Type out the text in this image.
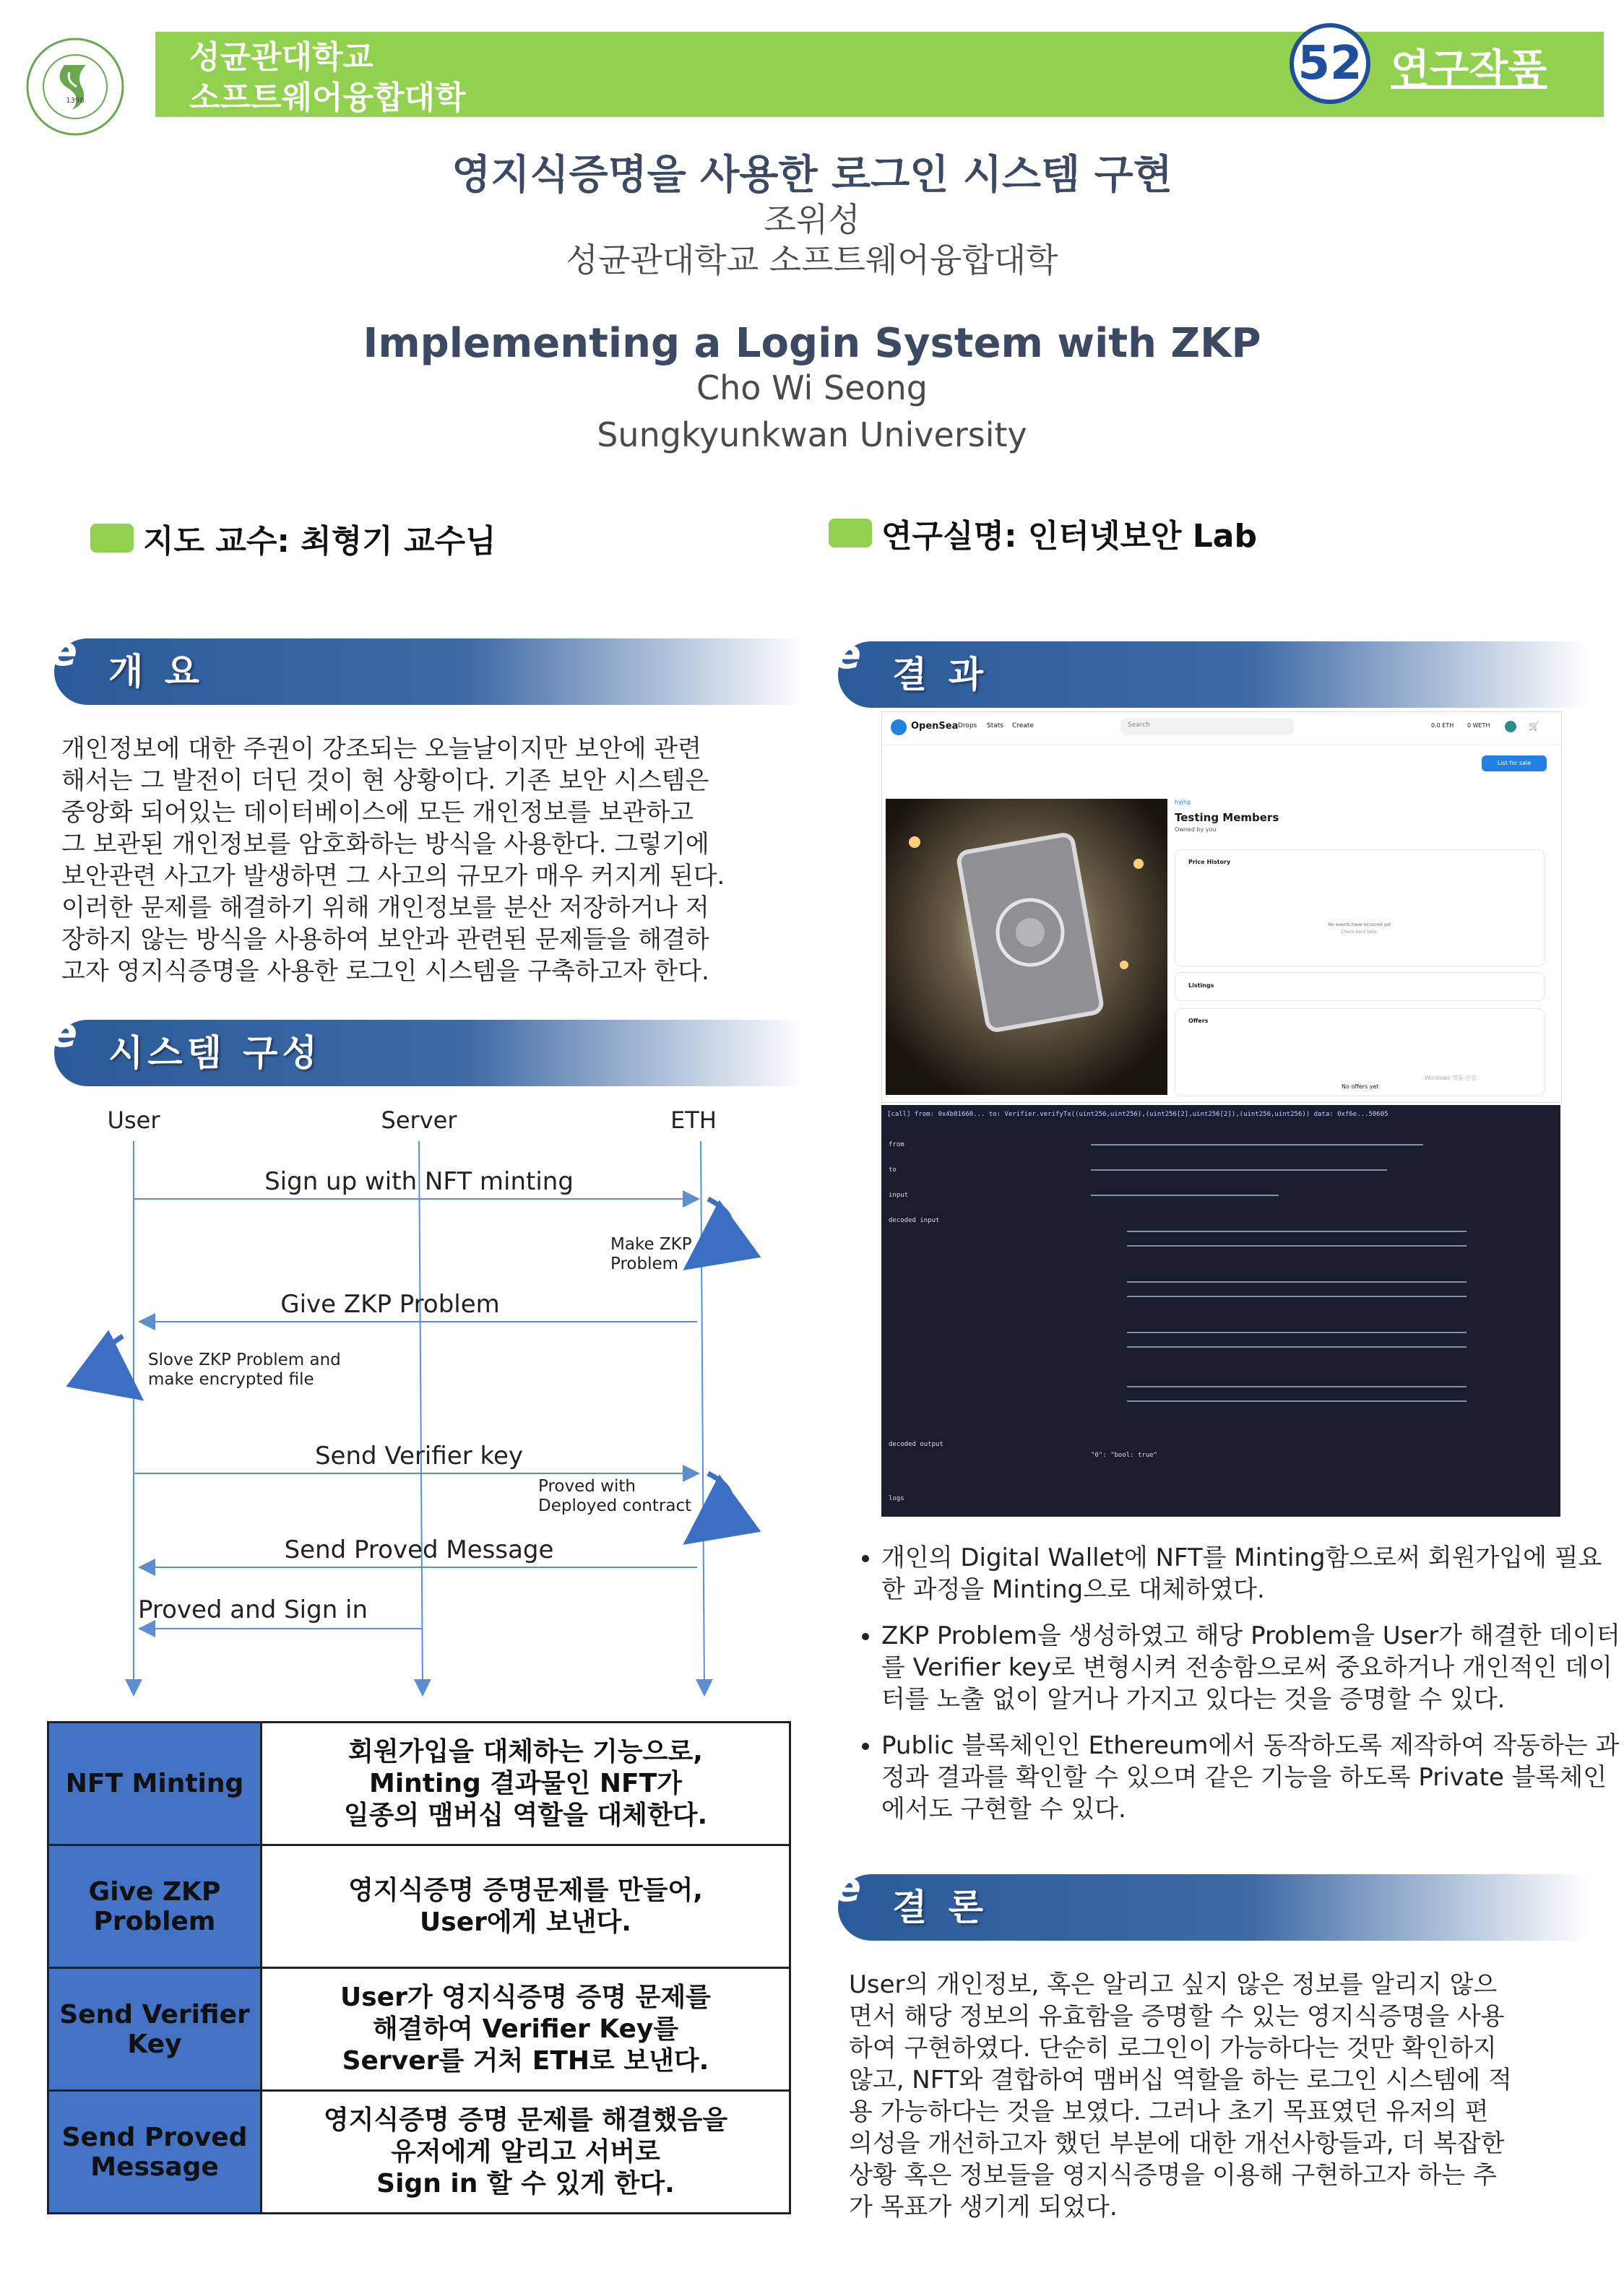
성균관대학교
소프트웨어융합대학
52 연구작품
1398
영지식증명을 사용한 로그인 시스템 구현
조위성
성균관대학교 소프트웨어융합대학
Implementing a Login System with ZKP
Cho Wi Seong
Sungkyunkwan University
지도 교수: 최형기 교수님	연구실명: 인터넷보안 Lab
e 개 요
개인정보에 대한 주권이 강조되는 오늘날이지만 보안에 관련
해서는 그 발전이 더딘 것이 현 상황이다. 기존 보안 시스템은
중앙화 되어있는 데이터베이스에 모든 개인정보를 보관하고
그 보관된 개인정보를 암호화하는 방식을 사용한다. 그렇기에
보안관련 사고가 발생하면 그 사고의 규모가 매우 커지게 된다.
이러한 문제를 해결하기 위해 개인정보를 분산 저장하거나 저
장하지 않는 방식을 사용하여 보안과 관련된 문제들을 해결하
고자 영지식증명을 사용한 로그인 시스템을 구축하고자 한다.
e 시스템 구성
User	Server	ETH
Sign up with NFT minting
Give ZKP Problem
Send Verifier key
Send Proved Message
Proved and Sign in
Make ZKP
Problem
Slove ZKP Problem and
make encrypted file
Proved with
Deployed contract
NFT Minting	회원가입을 대체하는 기능으로,
Minting 결과물인 NFT가
일종의 맴버십 역할을 대체한다.

Give ZKP Problem	영지식증명 증명문제를 만들어,
User에게 보낸다.

Send Verifier Key	User가 영지식증명 증명 문제를
해결하여 Verifier Key를
Server를 거처 ETH로 보낸다.

Send Proved Message	영지식증명 증명 문제를 해결했음을
유저에게 알리고 서버로
Sign in 할 수 있게 한다.
e 결 과
OpenSea Drops Stats Create	Search	0.0 ETH 0 WETH	🛒
List for sale
hyjhg
Testing Members
Owned by you
Price History
No events have occurred yet
Check back later.
Listings
Offers
No offers yet
Windows 정품 인증
[call] from: 0x4b01660... to: Verifier.verifyTx((uint256,uint256),(uint256[2],uint256[2]),(uint256,uint256)) data: 0xf6e...50605
from
to
input
decoded input
decoded output
logs
"0": "bool: true"
• 개인의 Digital Wallet에 NFT를 Minting함으로써 회원가입에 필요한 과정을 Minting으로 대체하였다.
• ZKP Problem을 생성하였고 해당 Problem을 User가 해결한 데이터를 Verifier key로 변형시켜 전송함으로써 중요하거나 개인적인 데이터를 노출 없이 알거나 가지고 있다는 것을 증명할 수 있다.
• Public 블록체인인 Ethereum에서 동작하도록 제작하여 작동하는 과정과 결과를 확인할 수 있으며 같은 기능을 하도록 Private 블록체인에서도 구현할 수 있다.
e 결 론
User의 개인정보, 혹은 알리고 싶지 않은 정보를 알리지 않으
면서 해당 정보의 유효함을 증명할 수 있는 영지식증명을 사용
하여 구현하였다. 단순히 로그인이 가능하다는 것만 확인하지
않고, NFT와 결합하여 맴버십 역할을 하는 로그인 시스템에 적
용 가능하다는 것을 보였다. 그러나 초기 목표였던 유저의 편
의성을 개선하고자 했던 부분에 대한 개선사항들과, 더 복잡한
상황 혹은 정보들을 영지식증명을 이용해 구현하고자 하는 추
가 목표가 생기게 되었다.
